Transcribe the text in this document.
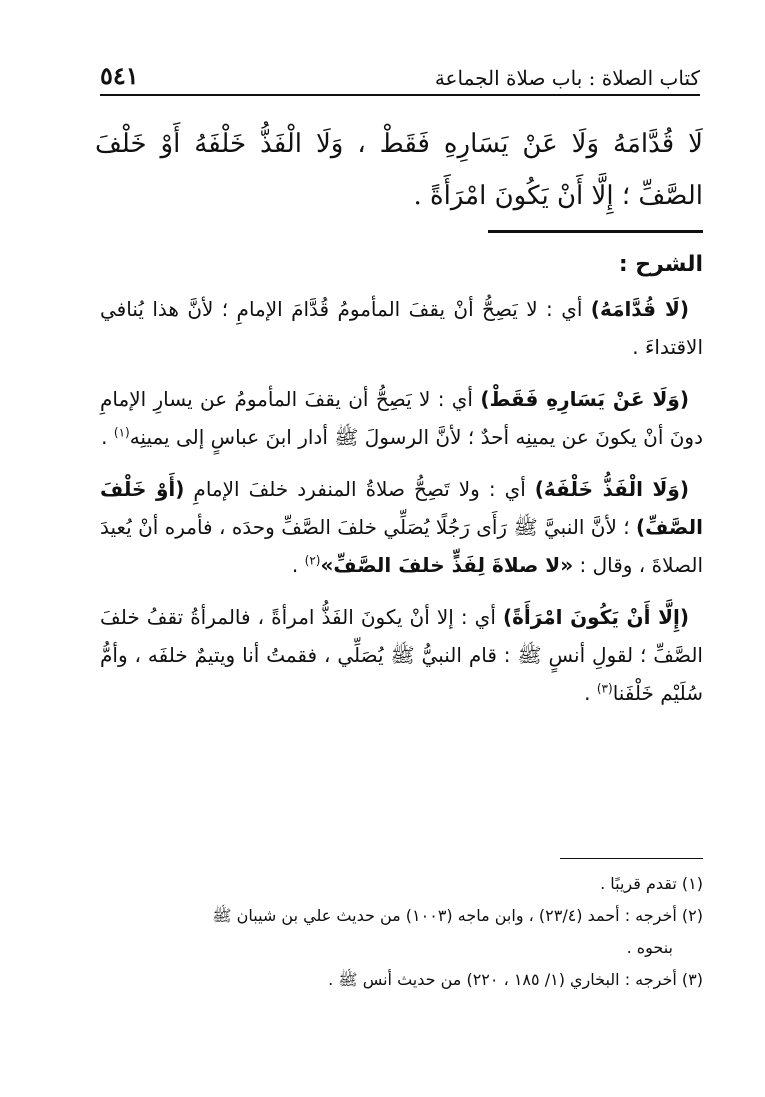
كتاب الصلاة : باب صلاة الجماعة
٥٤١
لَا قُدَّامَهُ وَلَا عَنْ يَسَارِهِ فَقَطْ ، وَلَا الْفَذُّ خَلْفَهُ أَوْ خَلْفَ الصَّفِّ ؛ إِلَّا أَنْ يَكُونَ امْرَأَةً .
الشرح :

(لَا قُدَّامَهُ) أي : لا يَصِحُّ أنْ يقفَ المأمومُ قُدَّامَ الإمامِ ؛ لأنَّ هذا يُنافي الاقتداءَ .

(وَلَا عَنْ يَسَارِهِ فَقَطْ) أي : لا يَصِحُّ أن يقفَ المأمومُ عن يسارِ الإمامِ دونَ أنْ يكونَ عن يمينِه أحدٌ ؛ لأنَّ الرسولَ ﷺ أدار ابنَ عباسٍ إلى يمينِه$^{(١)}$ .

(وَلَا الْفَذُّ خَلْفَهُ) أي : ولا تَصِحُّ صلاةُ المنفرد خلفَ الإمامِ (أَوْ خَلْفَ الصَّفِّ) ؛ لأنَّ النبيَّ ﷺ رَأَى رَجُلًا يُصَلِّي خلفَ الصَّفِّ وحدَه ، فأمره أنْ يُعيدَ الصلاةَ ، وقال : «لا صلاةَ لِفَذٍّ خلفَ الصَّفِّ»$^{(٢)}$ .

(إِلَّا أَنْ يَكُونَ امْرَأَةً) أي : إلا أنْ يكونَ الفَذُّ امرأةً ، فالمرأةُ تقفُ خلفَ الصَّفِّ ؛ لقولِ أنسٍ ﷺ : قام النبيُّ ﷺ يُصَلِّي ، فقمتُ أنا ويتيمٌ خلفَه ، وأمُّ سُلَيْم خَلْفَنا$^{(٣)}$ .

(١) تقدم قريبًا .

(٢) أخرجه : أحمد (٢٣/٤) ، وابن ماجه (١٠٠٣) من حديث علي بن شيبان ﷺ
بنحوه .

(٣) أخرجه : البخاري (١/ ١٨٥ ، ٢٢٠) من حديث أنس ﷺ .
